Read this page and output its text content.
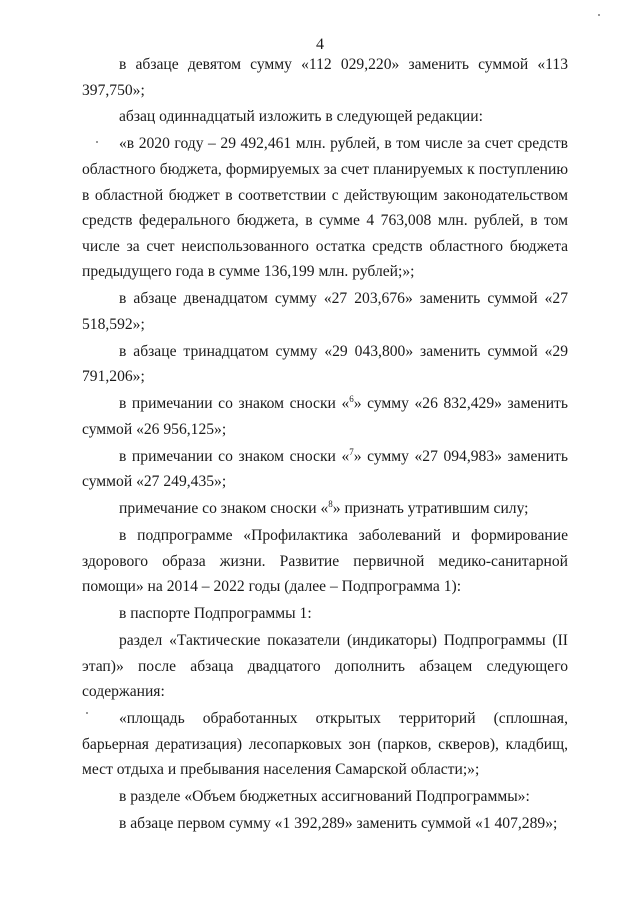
4

в абзаце девятом сумму «112 029,220» заменить суммой «113 397,750»;

абзац одиннадцатый изложить в следующей редакции:

«в 2020 году – 29 492,461 млн. рублей, в том числе за счет средств областного бюджета, формируемых за счет планируемых к поступлению в областной бюджет в соответствии с действующим законодательством средств федерального бюджета, в сумме 4 763,008 млн. рублей, в том числе за счет неиспользованного остатка средств областного бюджета предыдущего года в сумме 136,199 млн. рублей;»;

в абзаце двенадцатом сумму «27 203,676» заменить суммой «27 518,592»;

в абзаце тринадцатом сумму «29 043,800» заменить суммой «29 791,206»;

в примечании со знаком сноски «$^6$» сумму «26 832,429» заменить суммой «26 956,125»;

в примечании со знаком сноски «$^7$» сумму «27 094,983» заменить суммой «27 249,435»;

примечание со знаком сноски «$^8$» признать утратившим силу;

в подпрограмме «Профилактика заболеваний и формирование здорового образа жизни. Развитие первичной медико-санитарной помощи» на 2014 – 2022 годы (далее – Подпрограмма 1):

в паспорте Подпрограммы 1:

раздел «Тактические показатели (индикаторы) Подпрограммы (II этап)» после абзаца двадцатого дополнить абзацем следующего содержания:

«площадь обработанных открытых территорий (сплошная, барьерная дератизация) лесопарковых зон (парков, скверов), кладбищ, мест отдыха и пребывания населения Самарской области;»;

в разделе «Объем бюджетных ассигнований Подпрограммы»:

в абзаце первом сумму «1 392,289» заменить суммой «1 407,289»;
